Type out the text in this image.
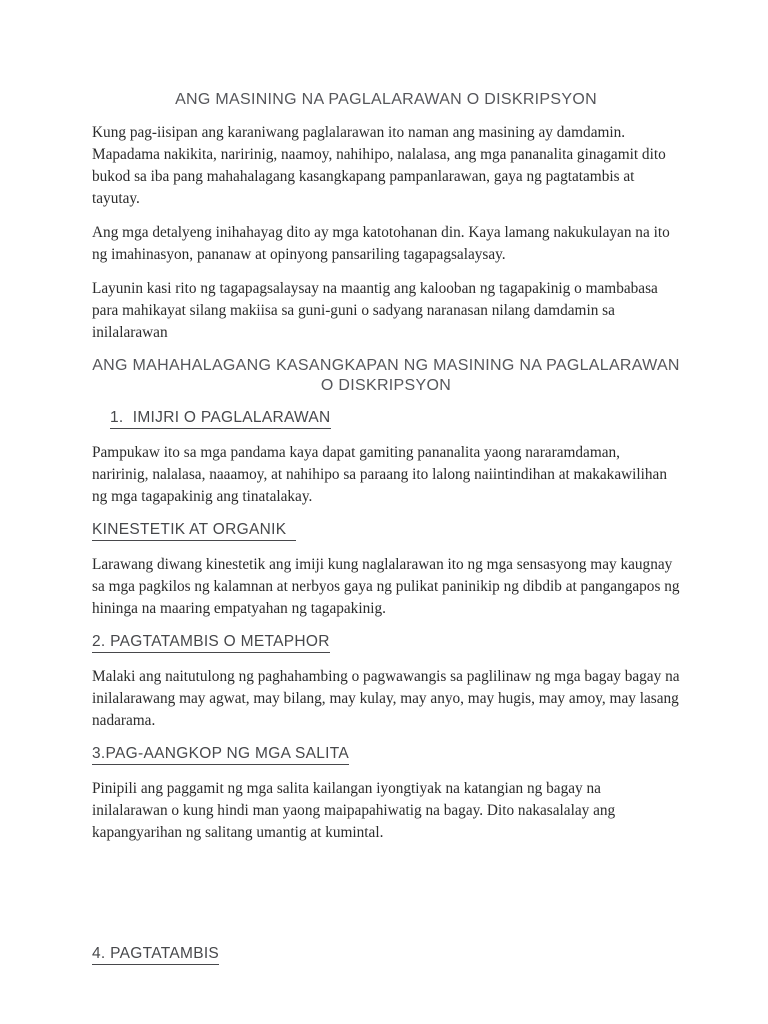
ANG MASINING NA PAGLALARAWAN O DISKRIPSYON

Kung pag-iisipan ang karaniwang paglalarawan ito naman ang masining ay damdamin. Mapadama nakikita, naririnig, naamoy, nahihipo, nalalasa, ang mga pananalita ginagamit dito bukod sa iba pang mahahalagang kasangkapang pampanlarawan, gaya ng pagtatambis at tayutay.

Ang mga detalyeng inihahayag dito ay mga katotohanan din. Kaya lamang nakukulayan na ito ng imahinasyon, pananaw at opinyong pansariling tagapagsalaysay.

Layunin kasi rito ng tagapagsalaysay na maantig ang kalooban ng tagapakinig o mambabasa para mahikayat silang makiisa sa guni-guni o sadyang naranasan nilang damdamin sa inilalarawan

ANG MAHAHALAGANG KASANGKAPAN NG MASINING NA PAGLALARAWAN O DISKRIPSYON
1.  IMIJRI O PAGLALARAWAN

Pampukaw ito sa mga pandama kaya dapat gamiting pananalita yaong nararamdaman, naririnig, nalalasa, naaamoy, at nahihipo sa paraang ito lalong naiintindihan at makakawilihan ng mga tagapakinig ang tinatalakay.

KINESTETIK AT ORGANIK

Larawang diwang kinestetik ang imiji kung naglalarawan ito ng mga sensasyong may kaugnay sa mga pagkilos ng kalamnan at nerbyos gaya ng pulikat paninikip ng dibdib at pangangapos ng hininga na maaring empatyahan ng tagapakinig.

2. PAGTATAMBIS O METAPHOR

Malaki ang naitutulong ng paghahambing o pagwawangis sa paglilinaw ng mga bagay bagay na inilalarawang may agwat, may bilang, may kulay, may anyo, may hugis, may amoy, may lasang nadarama.

3.PAG-AANGKOP NG MGA SALITA

Pinipili ang paggamit ng mga salita kailangan iyongtiyak na katangian ng bagay na inilalarawan o kung hindi man yaong maipapahiwatig na bagay. Dito nakasalalay ang kapangyarihan ng salitang umantig at kumintal.

4. PAGTATAMBIS
